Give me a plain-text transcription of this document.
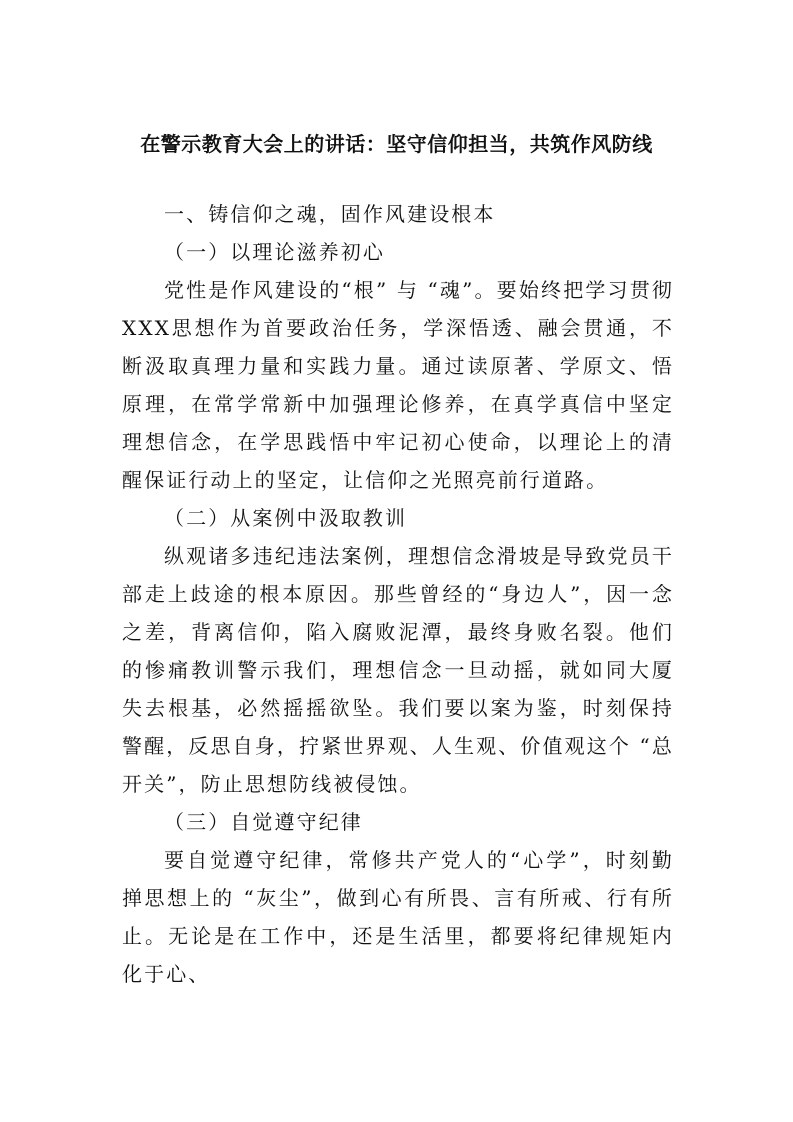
在警示教育大会上的讲话：坚守信仰担当，共筑作风防线

一、铸信仰之魂，固作风建设根本

（一）以理论滋养初心

党性是作风建设的“根” 与 “魂”。要始终把学习贯彻XXX思想作为首要政治任务，学深悟透、融会贯通，不断汲取真理力量和实践力量。通过读原著、学原文、悟原理，在常学常新中加强理论修养，在真学真信中坚定理想信念，在学思践悟中牢记初心使命，以理论上的清醒保证行动上的坚定，让信仰之光照亮前行道路。

（二）从案例中汲取教训

纵观诸多违纪违法案例，理想信念滑坡是导致党员干部走上歧途的根本原因。那些曾经的“身边人”，因一念之差，背离信仰，陷入腐败泥潭，最终身败名裂。他们的惨痛教训警示我们，理想信念一旦动摇，就如同大厦失去根基，必然摇摇欲坠。我们要以案为鉴，时刻保持警醒，反思自身，拧紧世界观、人生观、价值观这个 “总开关”，防止思想防线被侵蚀。

（三）自觉遵守纪律

要自觉遵守纪律，常修共产党人的“心学”，时刻勤掸思想上的 “灰尘”，做到心有所畏、言有所戒、行有所止。无论是在工作中，还是生活里，都要将纪律规矩内化于心、
